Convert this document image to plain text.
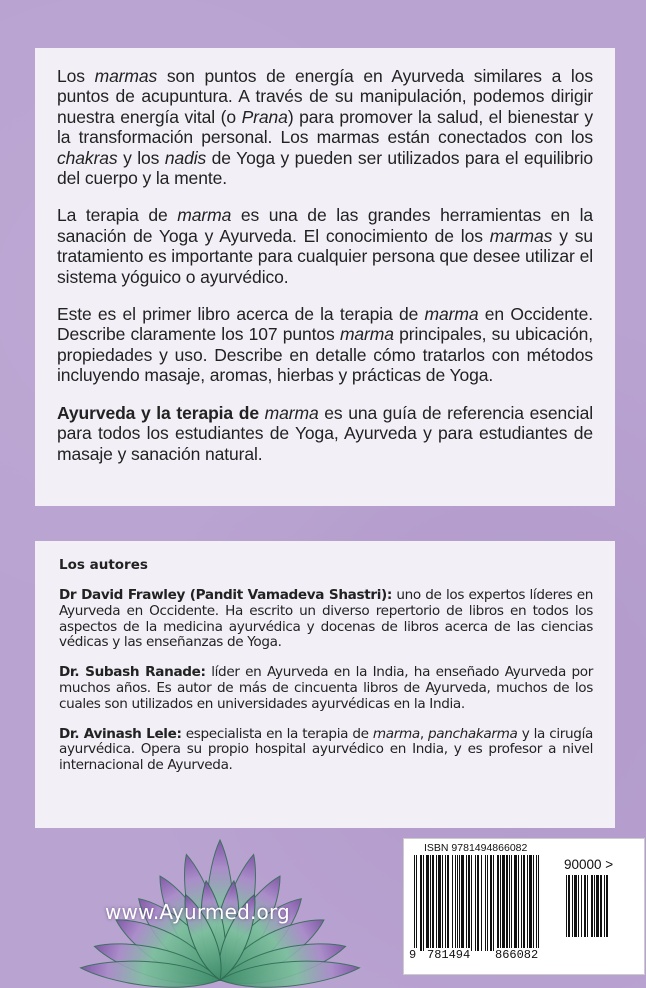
Los marmas son puntos de energía en Ayurveda similares a los puntos de acupuntura. A través de su manipulación, podemos dirigir nuestra energía vital (o Prana) para promover la salud, el bienestar y la transformación personal. Los marmas están conectados con los chakras y los nadis de Yoga y pueden ser utilizados para el equilibrio del cuerpo y la mente.

La terapia de marma es una de las grandes herramientas en la sanación de Yoga y Ayurveda. El conocimiento de los marmas y su tratamiento es importante para cualquier persona que desee utilizar el sistema yóguico o ayurvédico.

Este es el primer libro acerca de la terapia de marma en Occidente. Describe claramente los 107 puntos marma principales, su ubicación, propiedades y uso. Describe en detalle cómo tratarlos con métodos incluyendo masaje, aromas, hierbas y prácticas de Yoga.

Ayurveda y la terapia de marma es una guía de referencia esencial para todos los estudiantes de Yoga, Ayurveda y para estudiantes de masaje y sanación natural.

Los autores

Dr David Frawley (Pandit Vamadeva Shastri): uno de los expertos líderes en Ayurveda en Occidente. Ha escrito un diverso repertorio de libros en todos los aspectos de la medicina ayurvédica y docenas de libros acerca de las ciencias védicas y las enseñanzas de Yoga.

Dr. Subash Ranade: líder en Ayurveda en la India, ha enseñado Ayurveda por muchos años. Es autor de más de cincuenta libros de Ayurveda, muchos de los cuales son utilizados en universidades ayurvédicas en la India.

Dr. Avinash Lele: especialista en la terapia de marma, panchakarma y la cirugía ayurvédica. Opera su propio hospital ayurvédico en India, y es profesor a nivel internacional de Ayurveda.

www.Ayurmed.org
ISBN 9781494866082
90000 >
9 781494 866082
